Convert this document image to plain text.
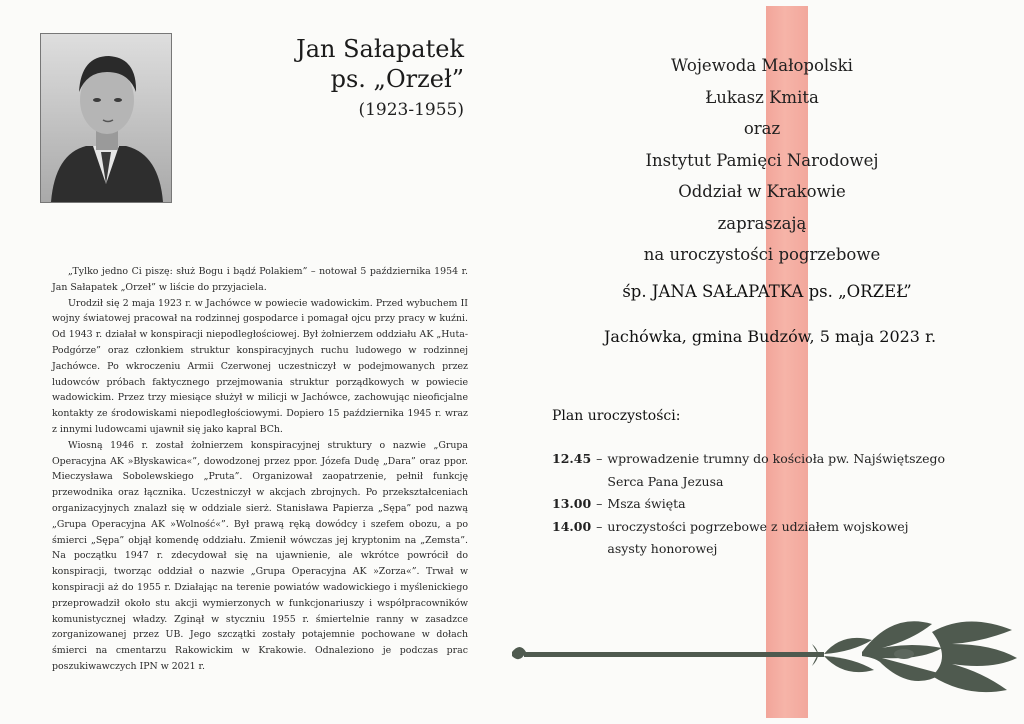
Jan Sałapatek
ps. „Orzeł”
(1923-1955)

„Tylko jedno Ci piszę: służ Bogu i bądź Polakiem” – notował 5 października 1954 r. Jan Sałapatek „Orzeł” w liście do przyjaciela.

Urodził się 2 maja 1923 r. w Jachówce w powiecie wadowickim. Przed wybuchem II wojny światowej pracował na rodzinnej gospodarce i pomagał ojcu przy pracy w kuźni. Od 1943 r. działał w konspiracji niepodległościowej. Był żołnierzem oddziału AK „Huta-Podgórze” oraz członkiem struktur konspiracyjnych ruchu ludowego w rodzinnej Jachówce. Po wkroczeniu Armii Czerwonej uczestniczył w podejmowanych przez ludowców próbach faktycznego przejmowania struktur porządkowych w powiecie wadowickim. Przez trzy miesiące służył w milicji w Jachówce, zachowując nieoficjalne kontakty ze środowiskami niepodległościowymi. Dopiero 15 października 1945 r. wraz z innymi ludowcami ujawnił się jako kapral BCh.

Wiosną 1946 r. został żołnierzem konspiracyjnej struktury o nazwie „Grupa Operacyjna AK »Błyskawica«”, dowodzonej przez ppor. Józefa Dudę „Dara” oraz ppor. Mieczysława Sobolewskiego „Pruta”. Organizował zaopatrzenie, pełnił funkcję przewodnika oraz łącznika. Uczestniczył w akcjach zbrojnych. Po przekształceniach organizacyjnych znalazł się w oddziale sierż. Stanisława Papierza „Sępa” pod nazwą „Grupa Operacyjna AK »Wolność«”. Był prawą ręką dowódcy i szefem obozu, a po śmierci „Sępa” objął komendę oddziału. Zmienił wówczas jej kryptonim na „Zemsta”. Na początku 1947 r. zdecydował się na ujawnienie, ale wkrótce powrócił do konspiracji, tworząc oddział o nazwie „Grupa Operacyjna AK »Zorza«”. Trwał w konspiracji aż do 1955 r. Działając na terenie powiatów wadowickiego i myślenickiego przeprowadził około stu akcji wymierzonych w funkcjonariuszy i współpracowników komunistycznej władzy. Zginął w styczniu 1955 r. śmiertelnie ranny w zasadzce zorganizowanej przez UB. Jego szczątki zostały potajemnie pochowane w dołach śmierci na cmentarzu Rakowickim w Krakowie. Odnaleziono je podczas prac poszukiwawczych IPN w 2021 r.

Wojewoda Małopolski
Łukasz Kmita
oraz
Instytut Pamięci Narodowej
Oddział w Krakowie
zapraszają
na uroczystości pogrzebowe
śp. JANA SAŁAPATKA ps. „ORZEŁ”
Jachówka, gmina Budzów, 5 maja 2023 r.
Plan uroczystości:
12.45 – wprowadzenie trumny do kościoła pw. Najświętszego
Serca Pana Jezusa
13.00 – Msza święta
14.00 – uroczystości pogrzebowe z udziałem wojskowej
asysty honorowej
